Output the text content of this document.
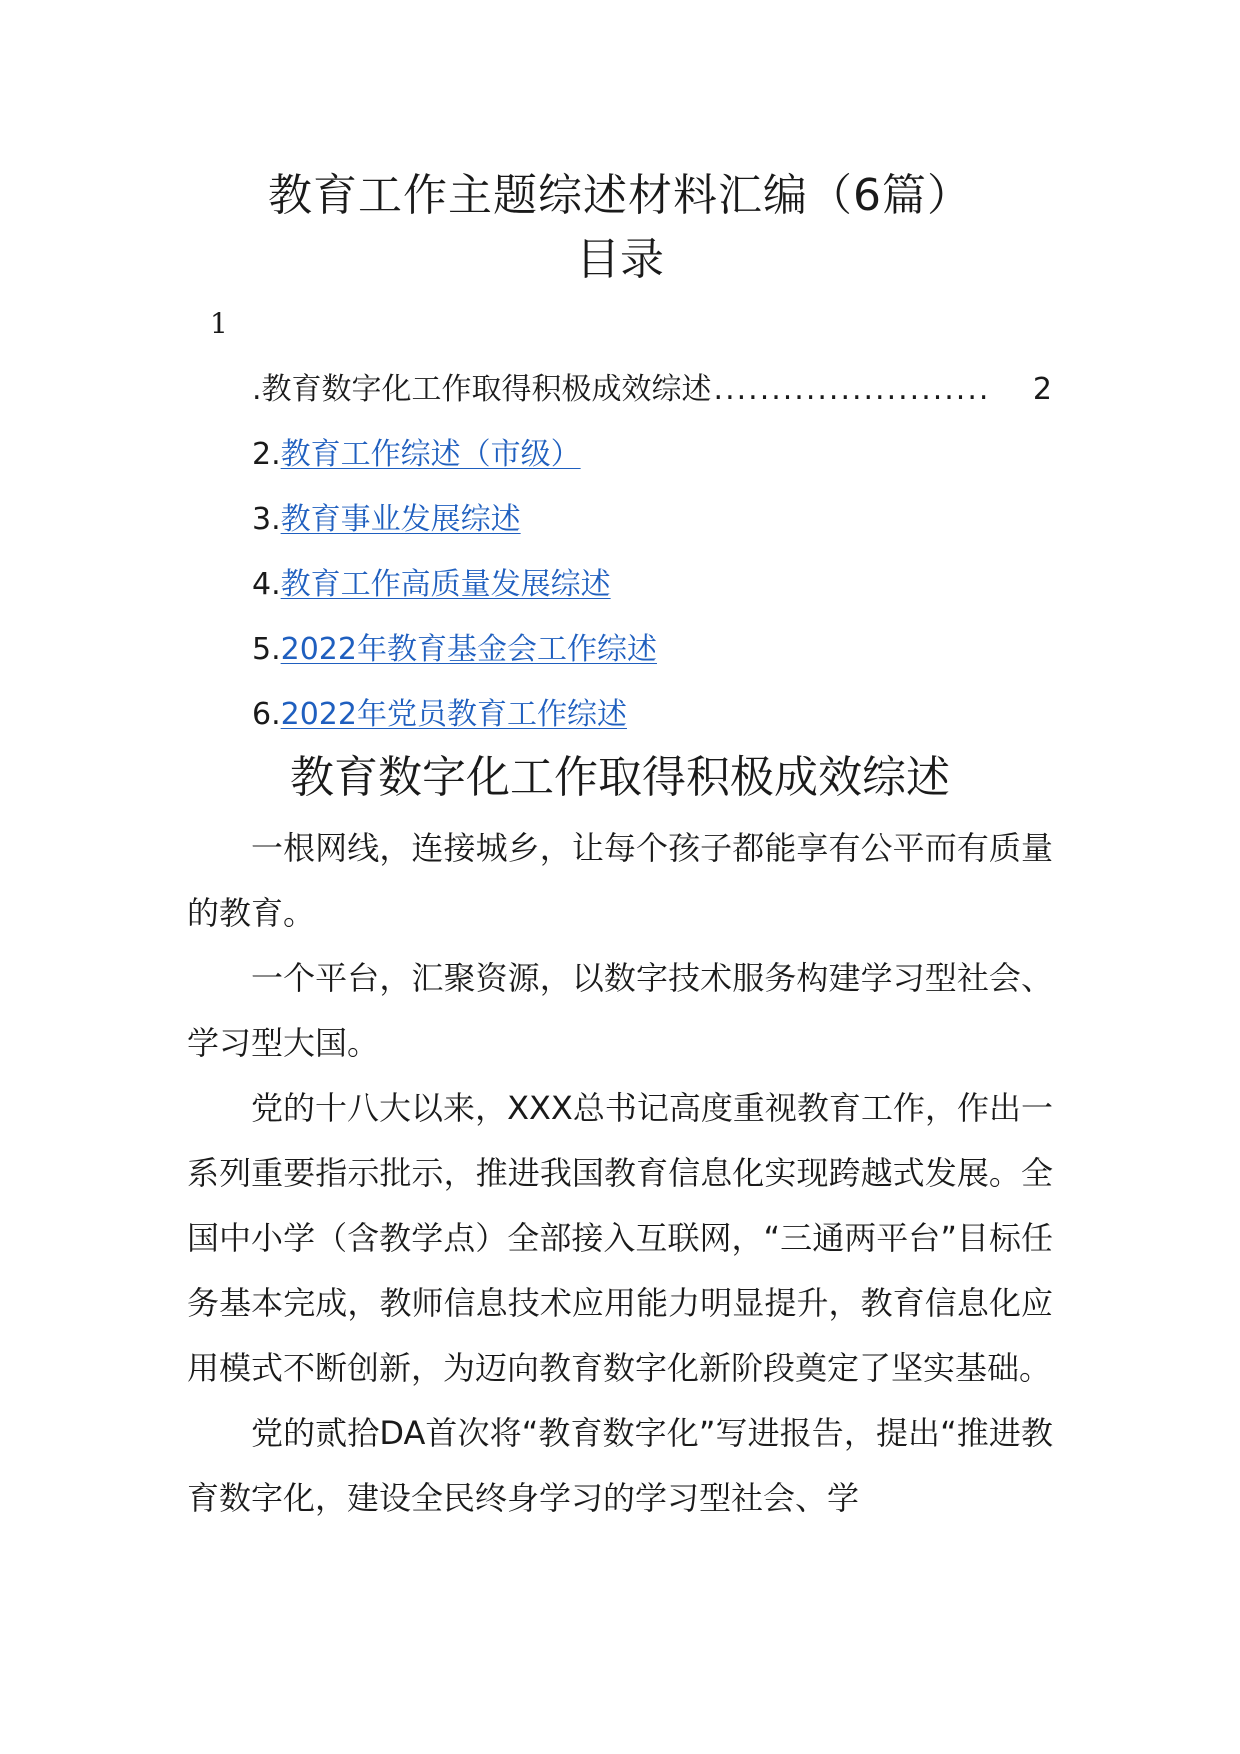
教育工作主题综述材料汇编（6篇）
目录
1
.教育数字化工作取得积极成效综述 ........................	2
2. 教育工作综述（市级）
3. 教育事业发展综述
4. 教育工作高质量发展综述
5. 2022年教育基金会工作综述
6. 2022年党员教育工作综述
教育数字化工作取得积极成效综述

一根网线，连接城乡，让每个孩子都能享有公平而有质量的教育。

一个平台，汇聚资源，以数字技术服务构建学习型社会、学习型大国。

党的十八大以来，XXX总书记高度重视教育工作，作出一系列重要指示批示，推进我国教育信息化实现跨越式发展。全国中小学（含教学点）全部接入互联网，“三通两平台”目标任务基本完成，教师信息技术应用能力明显提升，教育信息化应用模式不断创新，为迈向教育数字化新阶段奠定了坚实基础。

党的贰拾DA首次将“教育数字化”写进报告，提出“推进教育数字化，建设全民终身学习的学习型社会、学
